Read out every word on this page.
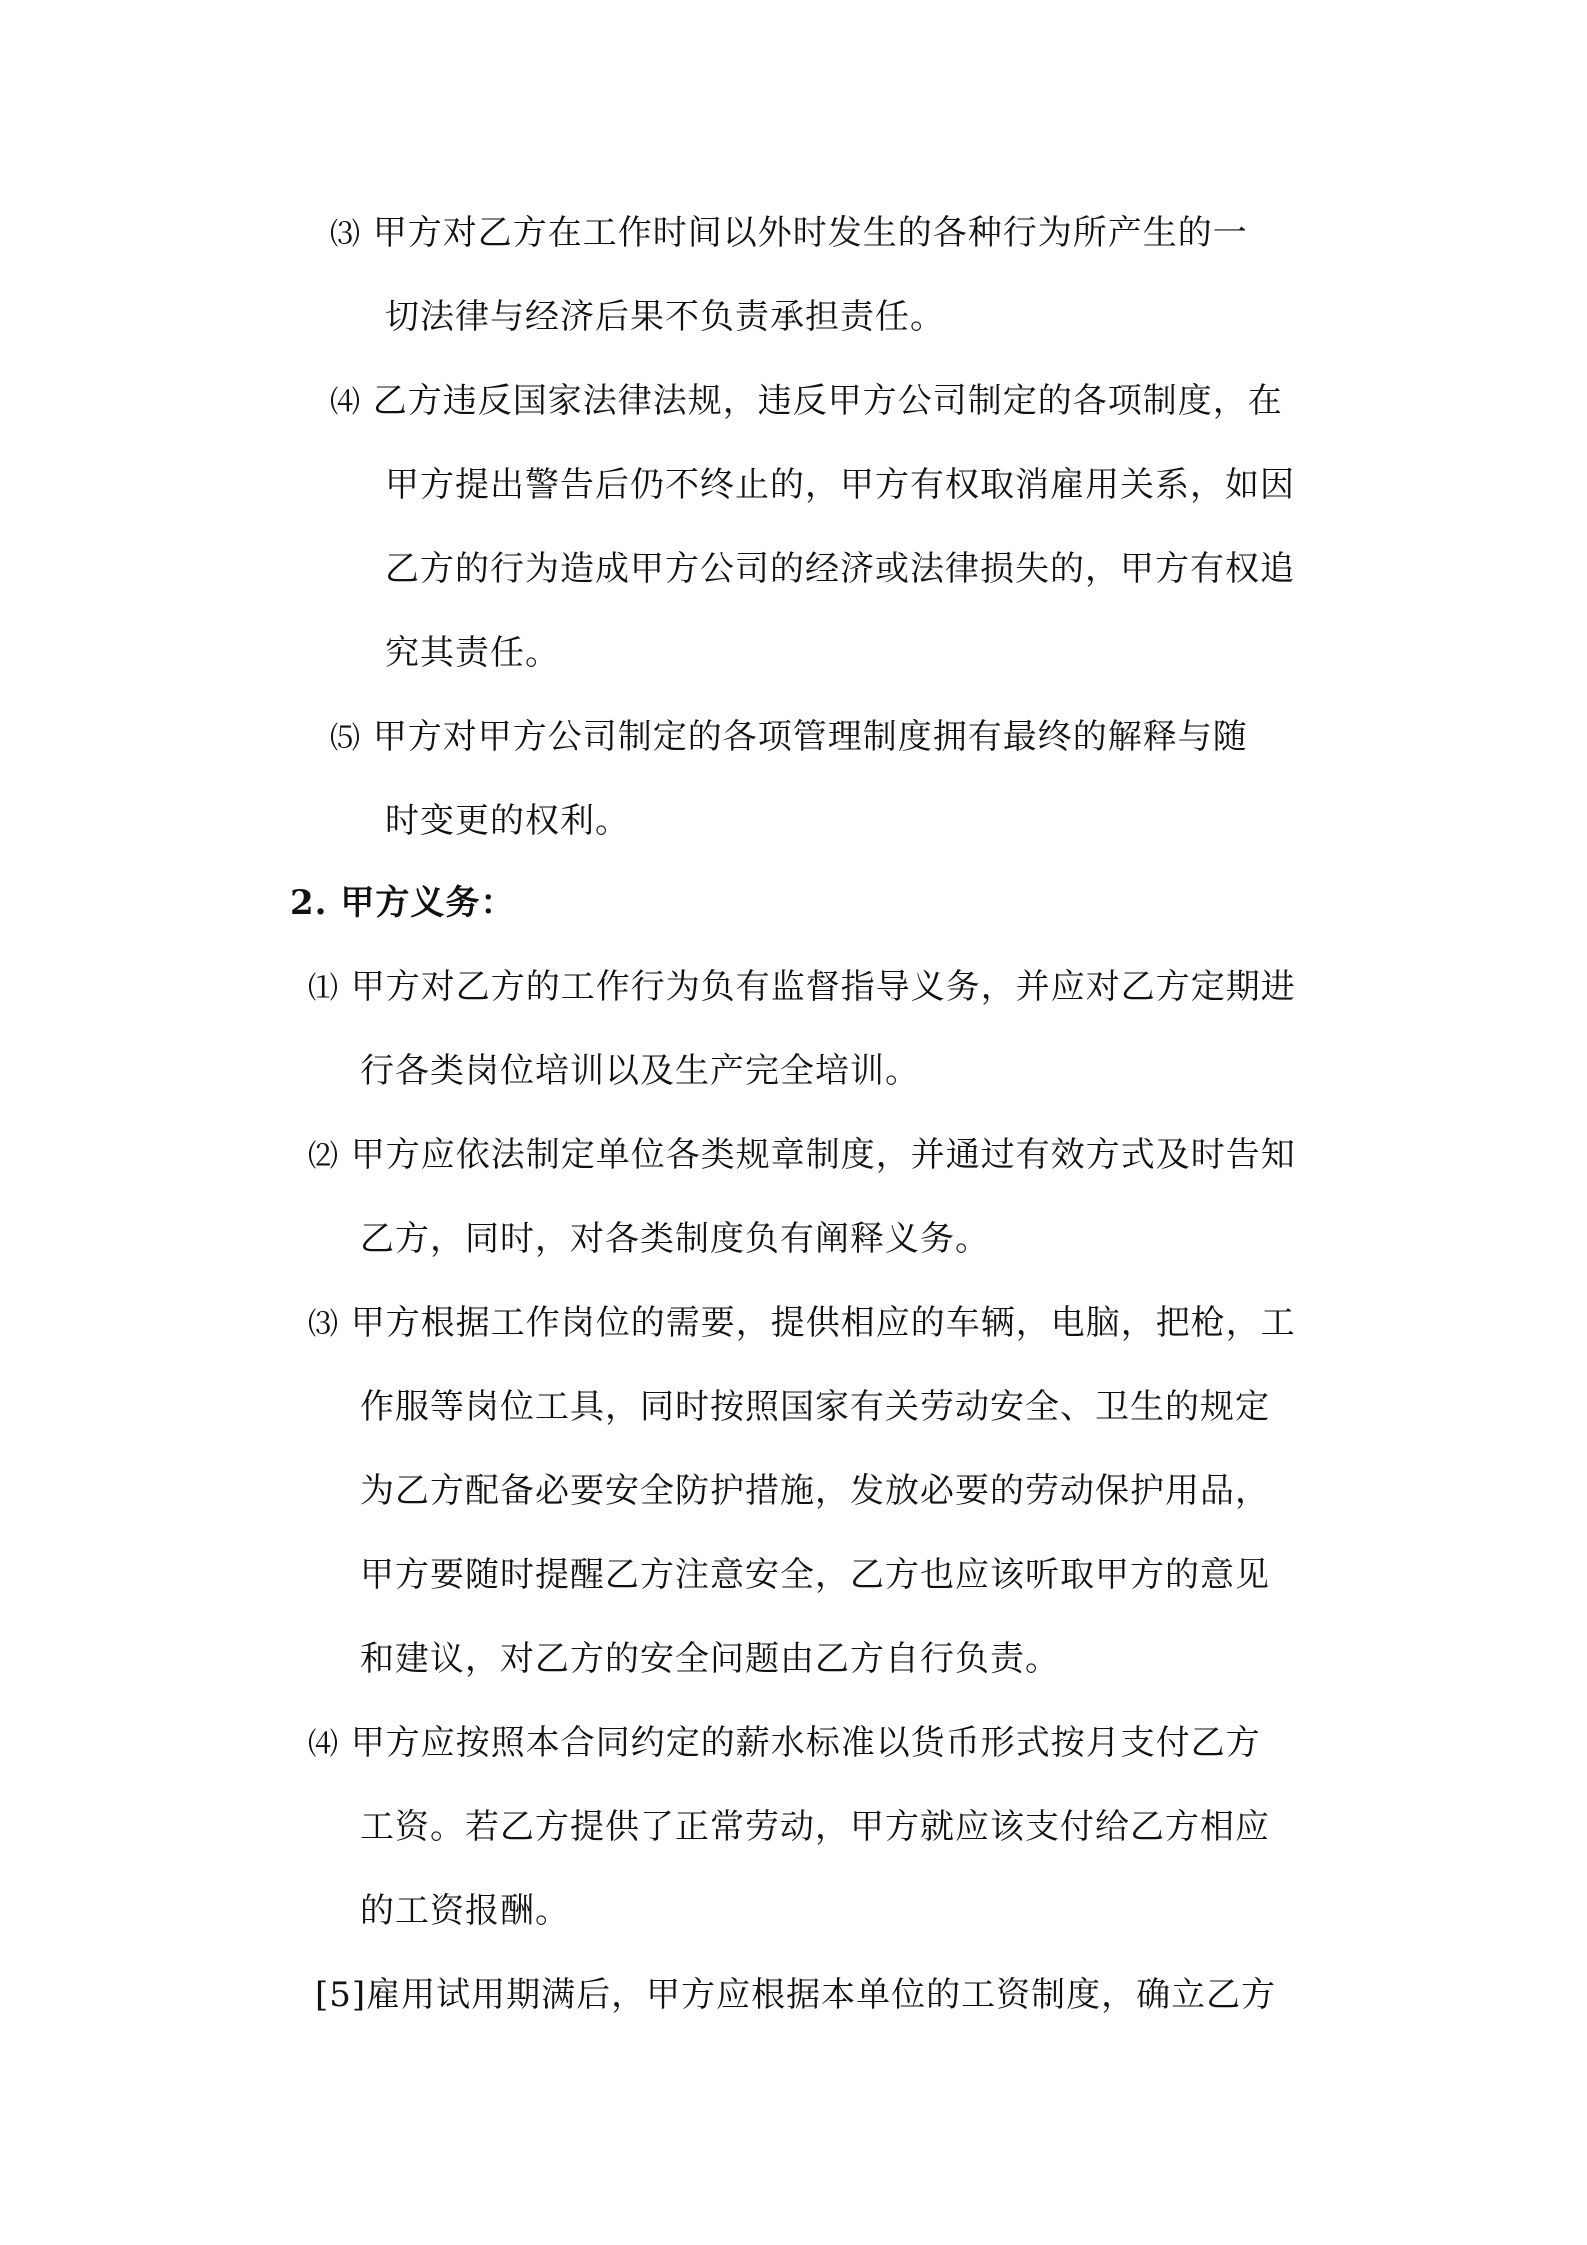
⑶ 甲方对乙方在工作时间以外时发生的各种行为所产生的一
切法律与经济后果不负责承担责任。
⑷ 乙方违反国家法律法规，违反甲方公司制定的各项制度，在
甲方提出警告后仍不终止的，甲方有权取消雇用关系，如因
乙方的行为造成甲方公司的经济或法律损失的，甲方有权追
究其责任。
⑸ 甲方对甲方公司制定的各项管理制度拥有最终的解释与随
时变更的权利。
2. 甲方义务：
⑴ 甲方对乙方的工作行为负有监督指导义务，并应对乙方定期进
行各类岗位培训以及生产完全培训。
⑵ 甲方应依法制定单位各类规章制度，并通过有效方式及时告知
乙方，同时，对各类制度负有阐释义务。
⑶ 甲方根据工作岗位的需要，提供相应的车辆，电脑，把枪，工
作服等岗位工具，同时按照国家有关劳动安全、卫生的规定
为乙方配备必要安全防护措施，发放必要的劳动保护用品，
甲方要随时提醒乙方注意安全，乙方也应该听取甲方的意见
和建议，对乙方的安全问题由乙方自行负责。
⑷ 甲方应按照本合同约定的薪水标准以货币形式按月支付乙方
工资。若乙方提供了正常劳动，甲方就应该支付给乙方相应
的工资报酬。
[5]雇用试用期满后，甲方应根据本单位的工资制度，确立乙方
